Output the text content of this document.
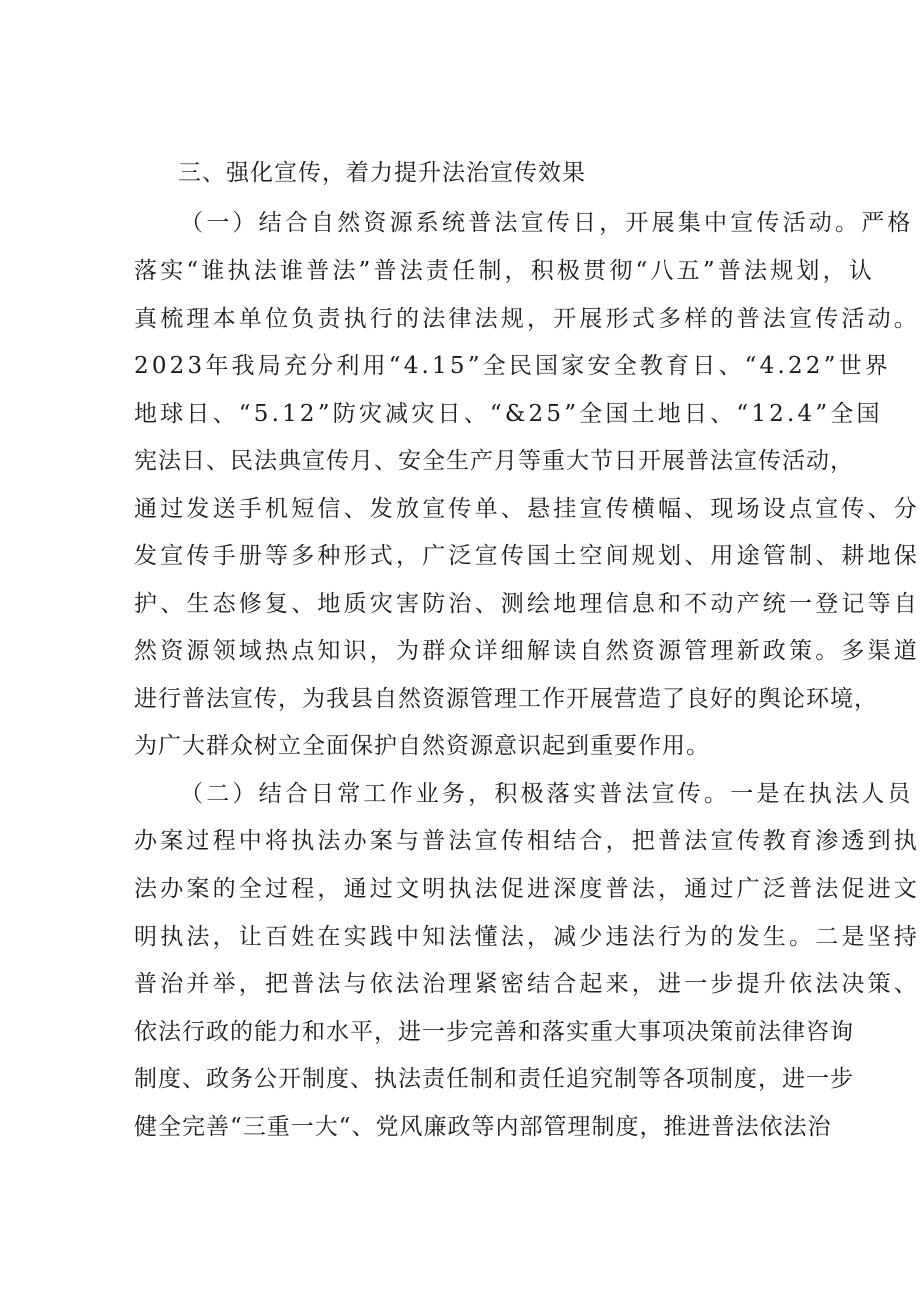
三、强化宣传，着力提升法治宣传效果
（一）结合自然资源系统普法宣传日，开展集中宣传活动。严格
落实“谁执法谁普法”普法责任制，积极贯彻“八五”普法规划，认
真梳理本单位负责执行的法律法规，开展形式多样的普法宣传活动。
2023年我局充分利用“4.15”全民国家安全教育日、“4.22”世界
地球日、“5.12”防灾减灾日、“&25”全国土地日、“12.4”全国
宪法日、民法典宣传月、安全生产月等重大节日开展普法宣传活动，
通过发送手机短信、发放宣传单、悬挂宣传横幅、现场设点宣传、分
发宣传手册等多种形式，广泛宣传国土空间规划、用途管制、耕地保
护、生态修复、地质灾害防治、测绘地理信息和不动产统一登记等自
然资源领域热点知识，为群众详细解读自然资源管理新政策。多渠道
进行普法宣传，为我县自然资源管理工作开展营造了良好的舆论环境，
为广大群众树立全面保护自然资源意识起到重要作用。
（二）结合日常工作业务，积极落实普法宣传。一是在执法人员
办案过程中将执法办案与普法宣传相结合，把普法宣传教育渗透到执
法办案的全过程，通过文明执法促进深度普法，通过广泛普法促进文
明执法，让百姓在实践中知法懂法，减少违法行为的发生。二是坚持
普治并举，把普法与依法治理紧密结合起来，进一步提升依法决策、
依法行政的能力和水平，进一步完善和落实重大事项决策前法律咨询
制度、政务公开制度、执法责任制和责任追究制等各项制度，进一步
健全完善“三重一大“、党风廉政等内部管理制度，推进普法依法治
